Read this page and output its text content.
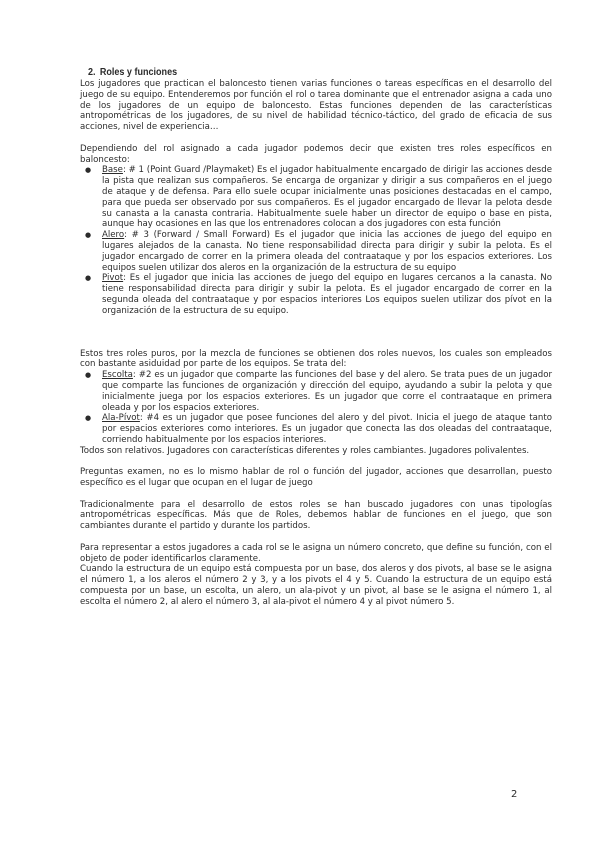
2. Roles y funciones

Los jugadores que practican el baloncesto tienen varias funciones o tareas específicas en el desarrollo del juego de su equipo. Entenderemos por función el rol o tarea dominante que el entrenador asigna a cada uno de los jugadores de un equipo de baloncesto. Estas funciones dependen de las características antropométricas de los jugadores, de su nivel de habilidad técnico-táctico, del grado de eficacia de sus acciones, nivel de experiencia…

Dependiendo del rol asignado a cada jugador podemos decir que existen tres roles específicos en baloncesto:

● Base: # 1 (Point Guard /Playmaket) Es el jugador habitualmente encargado de dirigir las acciones desde la pista que realizan sus compañeros. Se encarga de organizar y dirigir a sus compañeros en el juego de ataque y de defensa. Para ello suele ocupar inicialmente unas posiciones destacadas en el campo, para que pueda ser observado por sus compañeros. Es el jugador encargado de llevar la pelota desde su canasta a la canasta contraria. Habitualmente suele haber un director de equipo o base en pista, aunque hay ocasiones en las que los entrenadores colocan a dos jugadores con esta función
● Alero: # 3 (Forward / Small Forward) Es el jugador que inicia las acciones de juego del equipo en lugares alejados de la canasta. No tiene responsabilidad directa para dirigir y subir la pelota. Es el jugador encargado de correr en la primera oleada del contraataque y por los espacios exteriores. Los equipos suelen utilizar dos aleros en la organización de la estructura de su equipo
● Pivot: Es el jugador que inicia las acciones de juego del equipo en lugares cercanos a la canasta. No tiene responsabilidad directa para dirigir y subir la pelota. Es el jugador encargado de correr en la segunda oleada del contraataque y por espacios interiores Los equipos suelen utilizar dos pívot en la organización de la estructura de su equipo.

Estos tres roles puros, por la mezcla de funciones se obtienen dos roles nuevos, los cuales son empleados con bastante asiduidad por parte de los equipos. Se trata del:

● Escolta: #2 es un jugador que comparte las funciones del base y del alero. Se trata pues de un jugador que comparte las funciones de organización y dirección del equipo, ayudando a subir la pelota y que inicialmente juega por los espacios exteriores. Es un jugador que corre el contraataque en primera oleada y por los espacios exteriores.
● Ala-Pívot: #4 es un jugador que posee funciones del alero y del pivot. Inicia el juego de ataque tanto por espacios exteriores como interiores. Es un jugador que conecta las dos oleadas del contraataque, corriendo habitualmente por los espacios interiores.

Todos son relativos. Jugadores con características diferentes y roles cambiantes. Jugadores polivalentes.

Preguntas examen, no es lo mismo hablar de rol o función del jugador, acciones que desarrollan, puesto específico es el lugar que ocupan en el lugar de juego

Tradicionalmente para el desarrollo de estos roles se han buscado jugadores con unas tipologías antropométricas específicas. Más que de Roles, debemos hablar de funciones en el juego, que son cambiantes durante el partido y durante los partidos.

Para representar a estos jugadores a cada rol se le asigna un número concreto, que define su función, con el objeto de poder identificarlos claramente.

Cuando la estructura de un equipo está compuesta por un base, dos aleros y dos pivots, al base se le asigna el número 1, a los aleros el número 2 y 3, y a los pivots el 4 y 5. Cuando la estructura de un equipo está compuesta por un base, un escolta, un alero, un ala-pivot y un pivot, al base se le asigna el número 1, al escolta el número 2, al alero el número 3, al ala-pivot el número 4 y al pivot número 5.

2
